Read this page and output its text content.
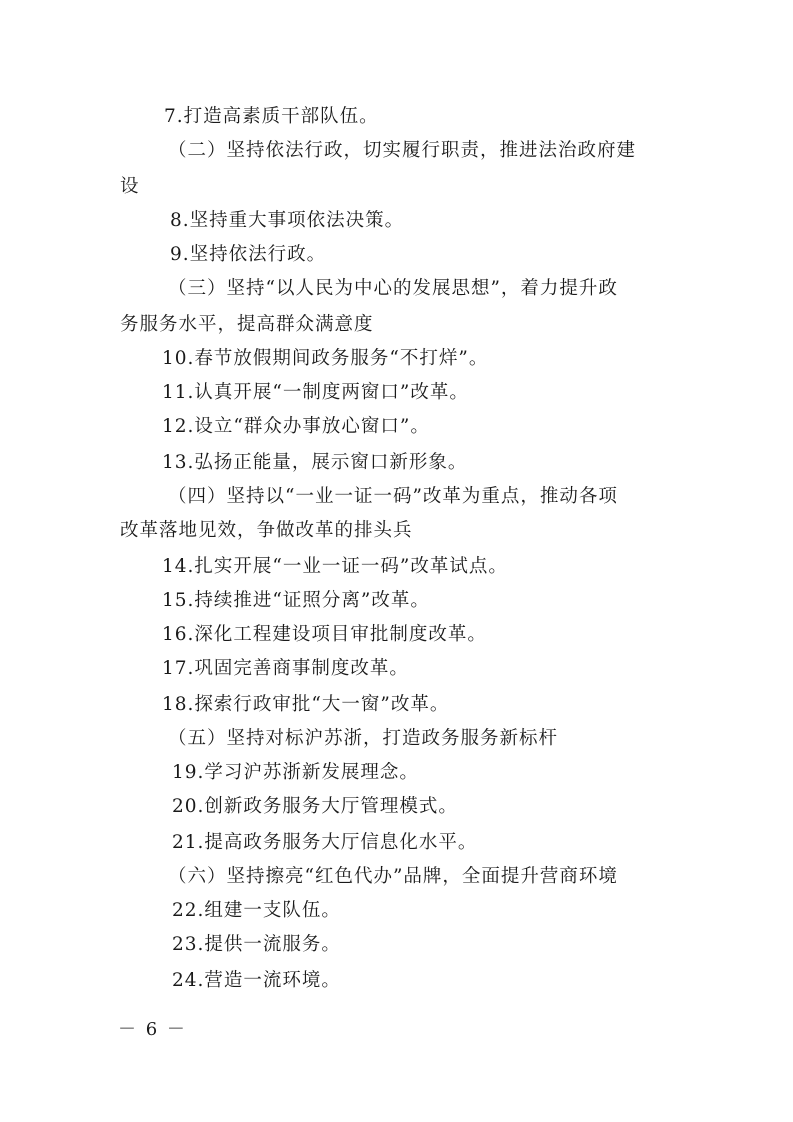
7.打造高素质干部队伍。
（二）坚持依法行政，切实履行职责，推进法治政府建
设
8.坚持重大事项依法决策。
9.坚持依法行政。
（三）坚持“以人民为中心的发展思想”，着力提升政
务服务水平，提高群众满意度
10.春节放假期间政务服务“不打烊”。
11.认真开展“一制度两窗口”改革。
12.设立“群众办事放心窗口”。
13.弘扬正能量，展示窗口新形象。
（四）坚持以“一业一证一码”改革为重点，推动各项
改革落地见效，争做改革的排头兵
14.扎实开展“一业一证一码”改革试点。
15.持续推进“证照分离”改革。
16.深化工程建设项目审批制度改革。
17.巩固完善商事制度改革。
18.探索行政审批“大一窗”改革。
（五）坚持对标沪苏浙，打造政务服务新标杆
19.学习沪苏浙新发展理念。
20.创新政务服务大厅管理模式。
21.提高政务服务大厅信息化水平。
（六）坚持擦亮“红色代办”品牌，全面提升营商环境
22.组建一支队伍。
23.提供一流服务。
24.营造一流环境。
－ 6 －
